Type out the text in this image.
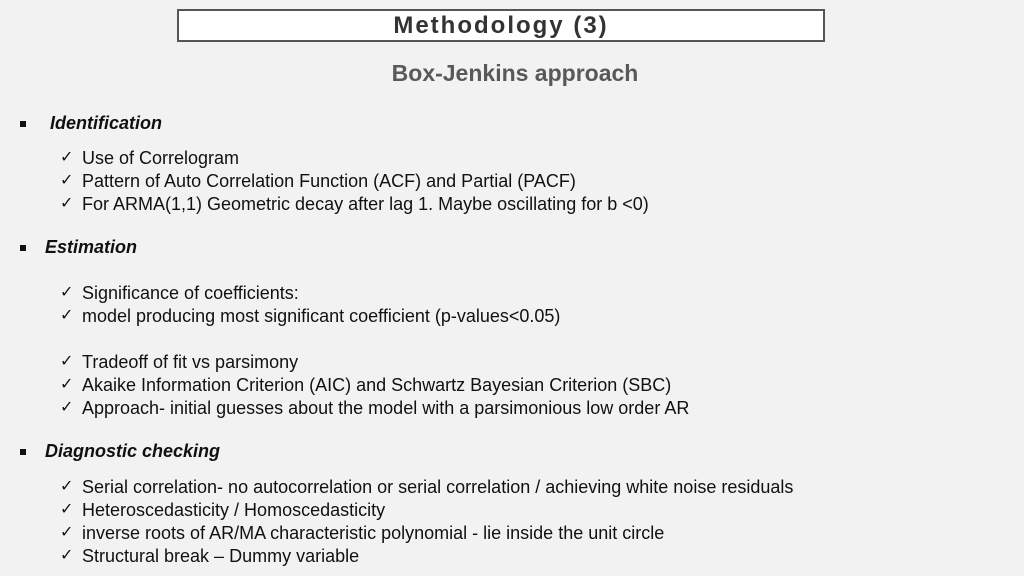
Methodology (3)
Box-Jenkins approach
Identification
✓ Use of Correlogram
✓ Pattern of Auto Correlation Function (ACF) and Partial (PACF)
✓ For ARMA(1,1) Geometric decay after lag 1. Maybe oscillating for b <0)
Estimation
✓ Significance of coefficients:
✓ model producing most significant coefficient (p-values<0.05)
✓ Tradeoff of fit vs parsimony
✓ Akaike Information Criterion (AIC) and Schwartz Bayesian Criterion (SBC)
✓ Approach- initial guesses about the model with a parsimonious low order AR
Diagnostic checking
✓ Serial correlation- no autocorrelation or serial correlation / achieving white noise residuals
✓ Heteroscedasticity / Homoscedasticity
✓ inverse roots of AR/MA characteristic polynomial - lie inside the unit circle
✓ Structural break – Dummy variable
